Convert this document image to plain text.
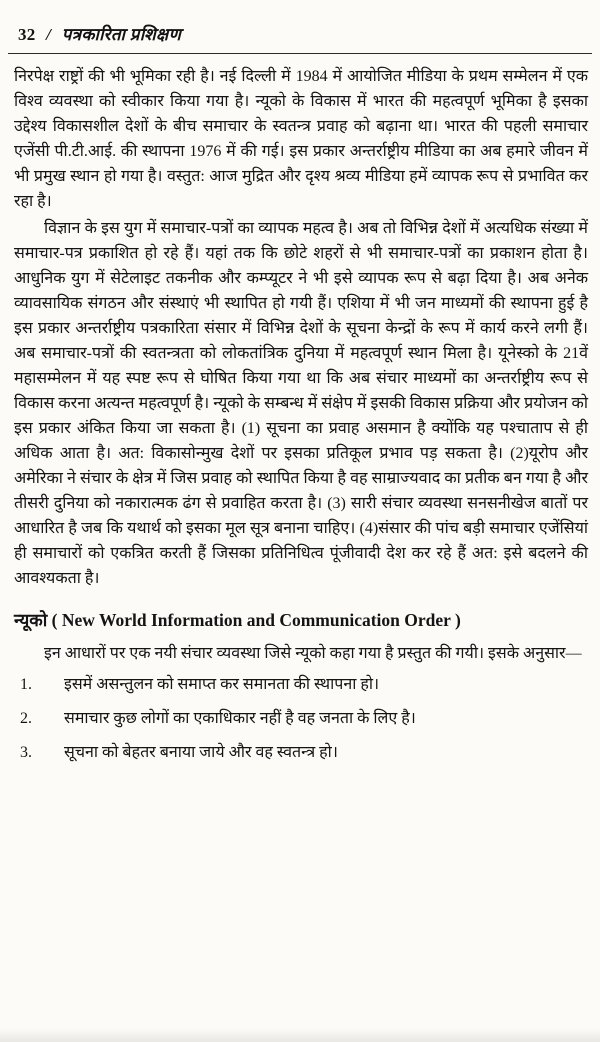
32 / पत्रकारिता प्रशिक्षण

निरपेक्ष राष्ट्रों की भी भूमिका रही है। नई दिल्ली में 1984 में आयोजित मीडिया के प्रथम सम्मेलन में एक विश्व व्यवस्था को स्वीकार किया गया है। न्यूको के विकास में भारत की महत्वपूर्ण भूमिका है इसका उद्देश्य विकासशील देशों के बीच समाचार के स्वतन्त्र प्रवाह को बढ़ाना था। भारत की पहली समाचार एजेंसी पी.टी.आई. की स्थापना 1976 में की गई। इस प्रकार अन्तर्राष्ट्रीय मीडिया का अब हमारे जीवन में भी प्रमुख स्थान हो गया है। वस्तुत: आज मुद्रित और दृश्य श्रव्य मीडिया हमें व्यापक रूप से प्रभावित कर रहा है।

विज्ञान के इस युग में समाचार-पत्रों का व्यापक महत्व है। अब तो विभिन्न देशों में अत्यधिक संख्या में समाचार-पत्र प्रकाशित हो रहे हैं। यहां तक कि छोटे शहरों से भी समाचार-पत्रों का प्रकाशन होता है। आधुनिक युग में सेटेलाइट तकनीक और कम्प्यूटर ने भी इसे व्यापक रूप से बढ़ा दिया है। अब अनेक व्यावसायिक संगठन और संस्थाएं भी स्थापित हो गयी हैं। एशिया में भी जन माध्यमों की स्थापना हुई है इस प्रकार अन्तर्राष्ट्रीय पत्रकारिता संसार में विभिन्न देशों के सूचना केन्द्रों के रूप में कार्य करने लगी हैं। अब समाचार-पत्रों की स्वतन्त्रता को लोकतांत्रिक दुनिया में महत्वपूर्ण स्थान मिला है। यूनेस्को के 21वें महासम्मेलन में यह स्पष्ट रूप से घोषित किया गया था कि अब संचार माध्यमों का अन्तर्राष्ट्रीय रूप से विकास करना अत्यन्त महत्वपूर्ण है। न्यूको के सम्बन्ध में संक्षेप में इसकी विकास प्रक्रिया और प्रयोजन को इस प्रकार अंकित किया जा सकता है। (1) सूचना का प्रवाह असमान है क्योंकि यह पश्चाताप से ही अधिक आता है। अत: विकासोन्मुख देशों पर इसका प्रतिकूल प्रभाव पड़ सकता है। (2)यूरोप और अमेरिका ने संचार के क्षेत्र में जिस प्रवाह को स्थापित किया है वह साम्राज्यवाद का प्रतीक बन गया है और तीसरी दुनिया को नकारात्मक ढंग से प्रवाहित करता है। (3) सारी संचार व्यवस्था सनसनीखेज बातों पर आधारित है जब कि यथार्थ को इसका मूल सूत्र बनाना चाहिए। (4)संसार की पांच बड़ी समाचार एजेंसियां ही समाचारों को एकत्रित करती हैं जिसका प्रतिनिधित्व पूंजीवादी देश कर रहे हैं अत: इसे बदलने की आवश्यकता है।

न्यूको ( New World Information and Communication Order )

इन आधारों पर एक नयी संचार व्यवस्था जिसे न्यूको कहा गया है प्रस्तुत की गयी। इसके अनुसार—

1.	इसमें असन्तुलन को समाप्त कर समानता की स्थापना हो।
2.	समाचार कुछ लोगों का एकाधिकार नहीं है वह जनता के लिए है।
3.	सूचना को बेहतर बनाया जाये और वह स्वतन्त्र हो।
